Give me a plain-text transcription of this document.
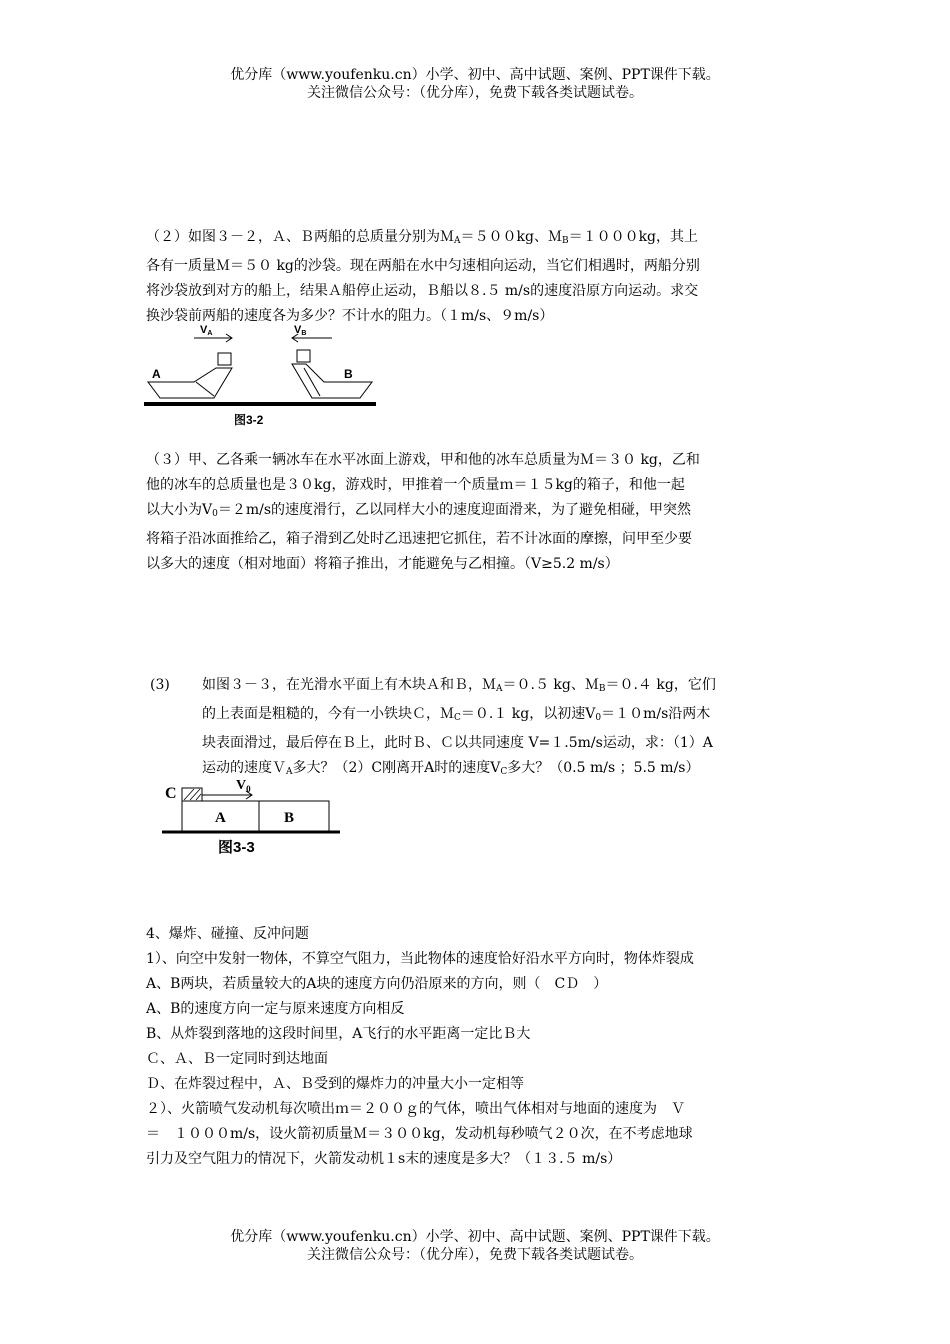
优分库（www.youfenku.cn）小学、初中、高中试题、案例、PPT课件下载。
关注微信公众号：（优分库），免费下载各类试题试卷。

（２）如图３－２，Ａ、Ｂ两船的总质量分别为Ｍ$_A$＝５００kg、Ｍ$_B$＝１０００kg，其上

各有一质量Ｍ＝５０ kg的沙袋。现在两船在水中匀速相向运动，当它们相遇时，两船分别

将沙袋放到对方的船上，结果Ａ船停止运动，Ｂ船以８.５ m/s的速度沿原方向运动。求交

换沙袋前两船的速度各为多少？不计水的阻力。（１m/s、９m/s）

VA	VB
A	B
图3-2

（３）甲、乙各乘一辆冰车在水平冰面上游戏，甲和他的冰车总质量为Ｍ＝３０ kg，乙和

他的冰车的总质量也是３０kg，游戏时，甲推着一个质量ｍ＝１５kg的箱子，和他一起

以大小为$V_0=2m/s$的速度滑行，乙以同样大小的速度迎面滑来，为了避免相碰，甲突然

将箱子沿冰面推给乙，箱子滑到乙处时乙迅速把它抓住，若不计冰面的摩擦，问甲至少要

以多大的速度（相对地面）将箱子推出，才能避免与乙相撞。（V≥5.2 m/s）

(3) 如图３－３，在光滑水平面上有木块Ａ和Ｂ，Ｍ$_A$＝０.５ kg、Ｍ$_B$＝０.４ kg，它们

的上表面是粗糙的，今有一小铁块Ｃ，Ｍ$_C$＝０.１ kg，以初速$V_0=10m/s$沿两木

块表面滑过，最后停在Ｂ上，此时Ｂ、Ｃ以共同速度 V=１.5m/s运动，求：（1）A

运动的速度Ｖ$_A$多大？（2）C刚离开A时的速度$V_C$多大？（0.5 m/s ；5.5 m/s）

C	$V_0$
A	B
图3-3

4、爆炸、碰撞、反冲问题

1）、向空中发射一物体，不算空气阻力，当此物体的速度恰好沿水平方向时，物体炸裂成

A、B两块，若质量较大的A块的速度方向仍沿原来的方向，则（　CＤ　）

A、B的速度方向一定与原来速度方向相反

B、从炸裂到落地的这段时间里，A飞行的水平距离一定比Ｂ大

Ｃ、Ａ、Ｂ一定同时到达地面

Ｄ、在炸裂过程中，Ａ、Ｂ受到的爆炸力的冲量大小一定相等

２）、火箭喷气发动机每次喷出ｍ＝２００ｇ的气体，喷出气体相对与地面的速度为　Ｖ

＝　１０００m/s，设火箭初质量Ｍ＝３００kg，发动机每秒喷气２０次，在不考虑地球

引力及空气阻力的情况下，火箭发动机１s末的速度是多大？（１３.５ m/s）

优分库（www.youfenku.cn）小学、初中、高中试题、案例、PPT课件下载。
关注微信公众号：（优分库），免费下载各类试题试卷。
